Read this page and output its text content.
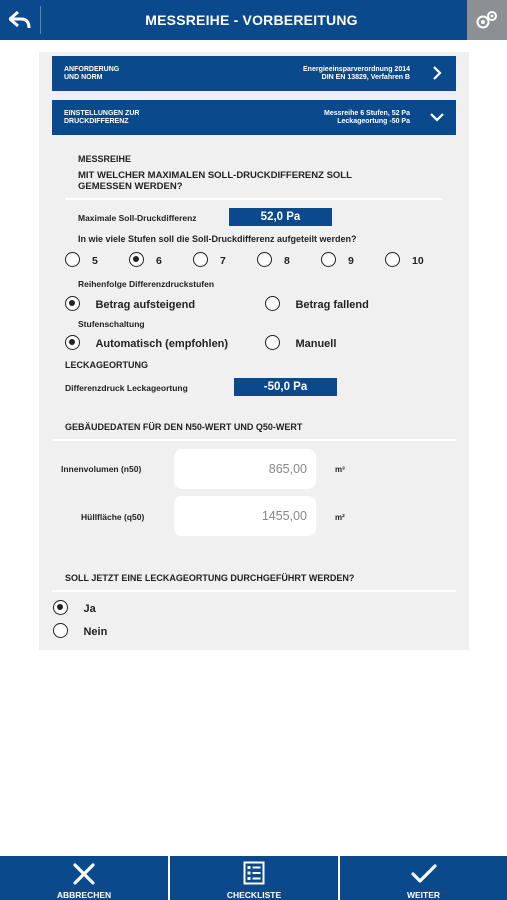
MESSREIHE - VORBEREITUNG
ANFORDERUNG
UND NORM
Energieeinsparverordnung 2014
DIN EN 13829, Verfahren B
EINSTELLUNGEN ZUR
DRUCKDIFFERENZ
Messreihe 6 Stufen, 52 Pa
Leckageortung -50 Pa
MESSREIHE
MIT WELCHER MAXIMALEN SOLL-DRUCKDIFFERENZ SOLL
GEMESSEN WERDEN?
Maximale Soll-Druckdifferenz	52,0 Pa
In wie viele Stufen soll die Soll-Druckdifferenz aufgeteilt werden?
5	6	7	8	9	10
Reihenfolge Differenzdruckstufen
Betrag aufsteigend	Betrag fallend
Stufenschaltung
Automatisch (empfohlen)	Manuell
LECKAGEORTUNG
Differenzdruck Leckageortung	-50,0 Pa
GEBÄUDEDATEN FÜR DEN N50-WERT UND Q50-WERT
Innenvolumen (n50)	865,00	m³
Hüllfläche (q50)	1455,00	m²
SOLL JETZT EINE LECKAGEORTUNG DURCHGEFÜHRT WERDEN?
Ja
Nein
ABBRECHEN	CHECKLISTE	WEITER
